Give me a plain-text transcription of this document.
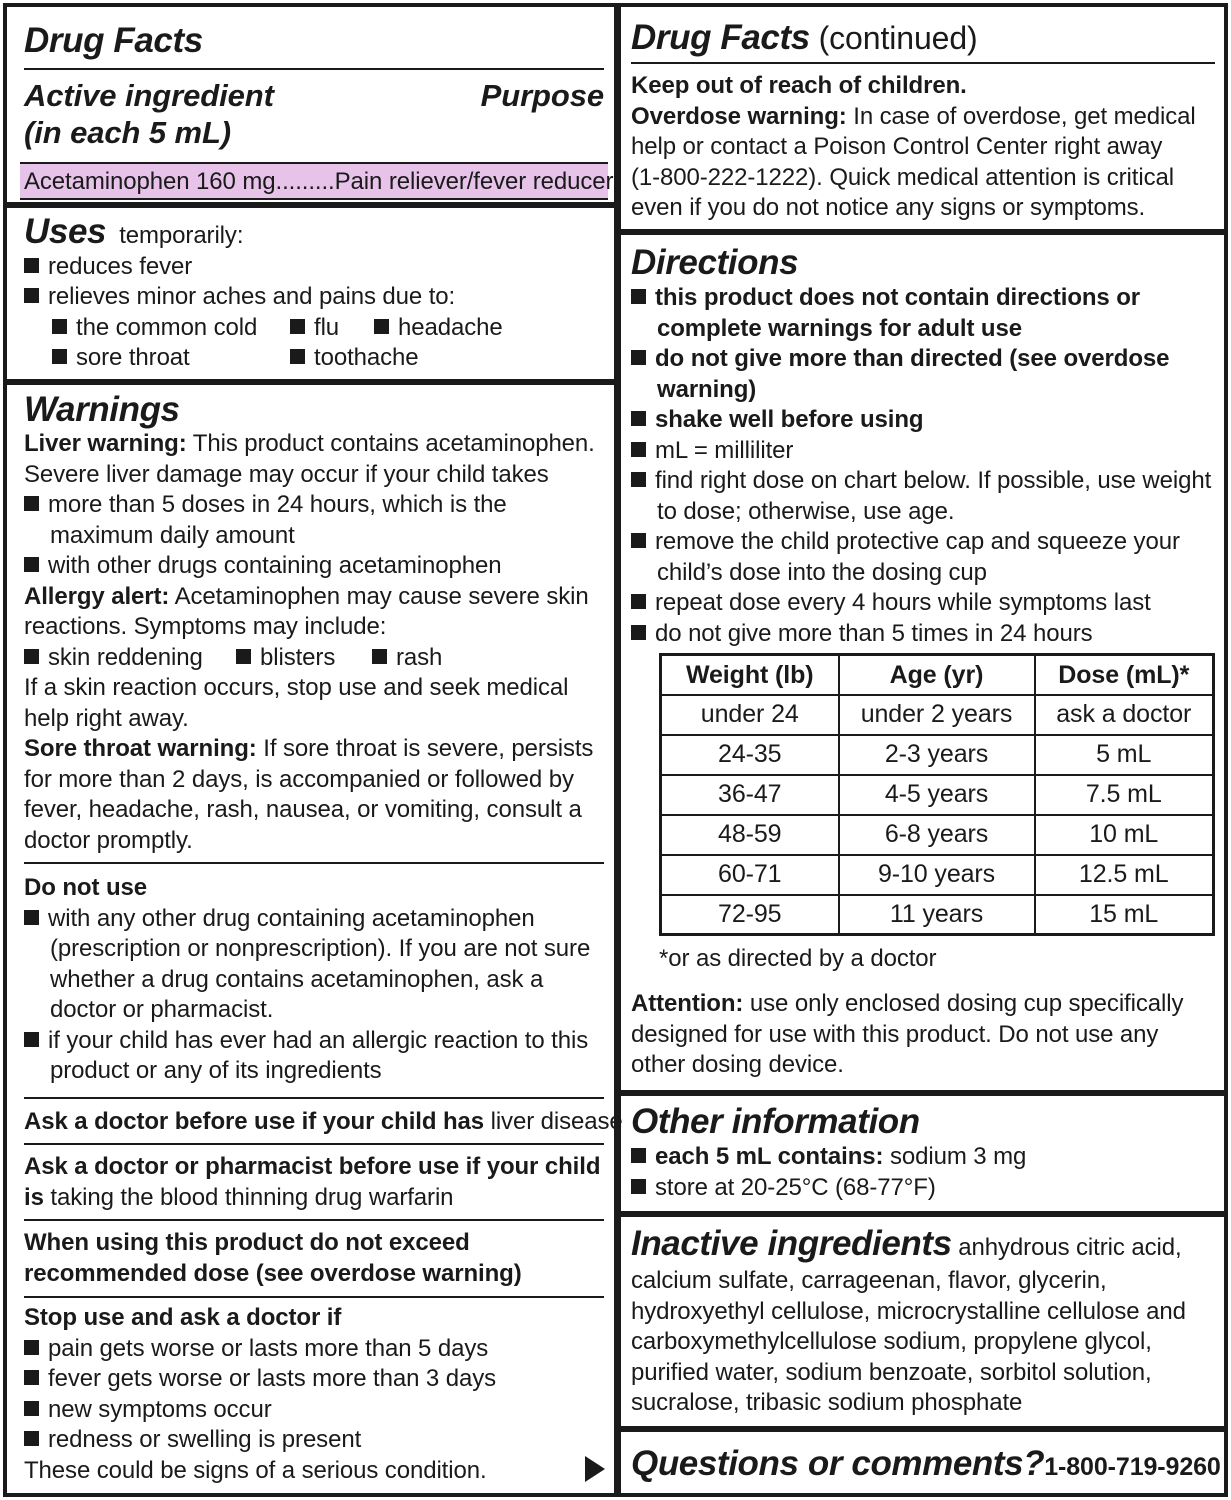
Drug Facts
Active ingredient	Purpose
(in each 5 mL)
Acetaminophen 160 mg......... Pain reliever/fever reducer
Uses temporarily:
reduces fever
relieves minor aches and pains due to:
the common cold	flu	headache
sore throat	toothache
Warnings
Liver warning: This product contains acetaminophen.
Severe liver damage may occur if your child takes
more than 5 doses in 24 hours, which is the
maximum daily amount
with other drugs containing acetaminophen
Allergy alert: Acetaminophen may cause severe skin
reactions. Symptoms may include:
skin reddening	blisters	rash
If a skin reaction occurs, stop use and seek medical
help right away.
Sore throat warning: If sore throat is severe, persists
for more than 2 days, is accompanied or followed by
fever, headache, rash, nausea, or vomiting, consult a
doctor promptly.
Do not use
with any other drug containing acetaminophen
(prescription or nonprescription). If you are not sure
whether a drug contains acetaminophen, ask a
doctor or pharmacist.
if your child has ever had an allergic reaction to this
product or any of its ingredients
Ask a doctor before use if your child has liver disease
Ask a doctor or pharmacist before use if your child
is taking the blood thinning drug warfarin
When using this product do not exceed
recommended dose (see overdose warning)
Stop use and ask a doctor if
pain gets worse or lasts more than 5 days
fever gets worse or lasts more than 3 days
new symptoms occur
redness or swelling is present
These could be signs of a serious condition.
Drug Facts (continued)
Keep out of reach of children.
Overdose warning: In case of overdose, get medical
help or contact a Poison Control Center right away
(1-800-222-1222). Quick medical attention is critical
even if you do not notice any signs or symptoms.
Directions
this product does not contain directions or
complete warnings for adult use
do not give more than directed (see overdose
warning)
shake well before using
mL = milliliter
find right dose on chart below. If possible, use weight
to dose; otherwise, use age.
remove the child protective cap and squeeze your
child’s dose into the dosing cup
repeat dose every 4 hours while symptoms last
do not give more than 5 times in 24 hours
Weight (lb)	Age (yr)	Dose (mL)*
under 24	under 2 years	ask a doctor
24-35	2-3 years	5 mL
36-47	4-5 years	7.5 mL
48-59	6-8 years	10 mL
60-71	9-10 years	12.5 mL
72-95	11 years	15 mL
*or as directed by a doctor
Attention: use only enclosed dosing cup specifically
designed for use with this product. Do not use any
other dosing device.
Other information
each 5 mL contains: sodium 3 mg
store at 20-25°C (68-77°F)
Inactive ingredients anhydrous citric acid,
calcium sulfate, carrageenan, flavor, glycerin,
hydroxyethyl cellulose, microcrystalline cellulose and
carboxymethylcellulose sodium, propylene glycol,
purified water, sodium benzoate, sorbitol solution,
sucralose, tribasic sodium phosphate
Questions or comments?1-800-719-9260
